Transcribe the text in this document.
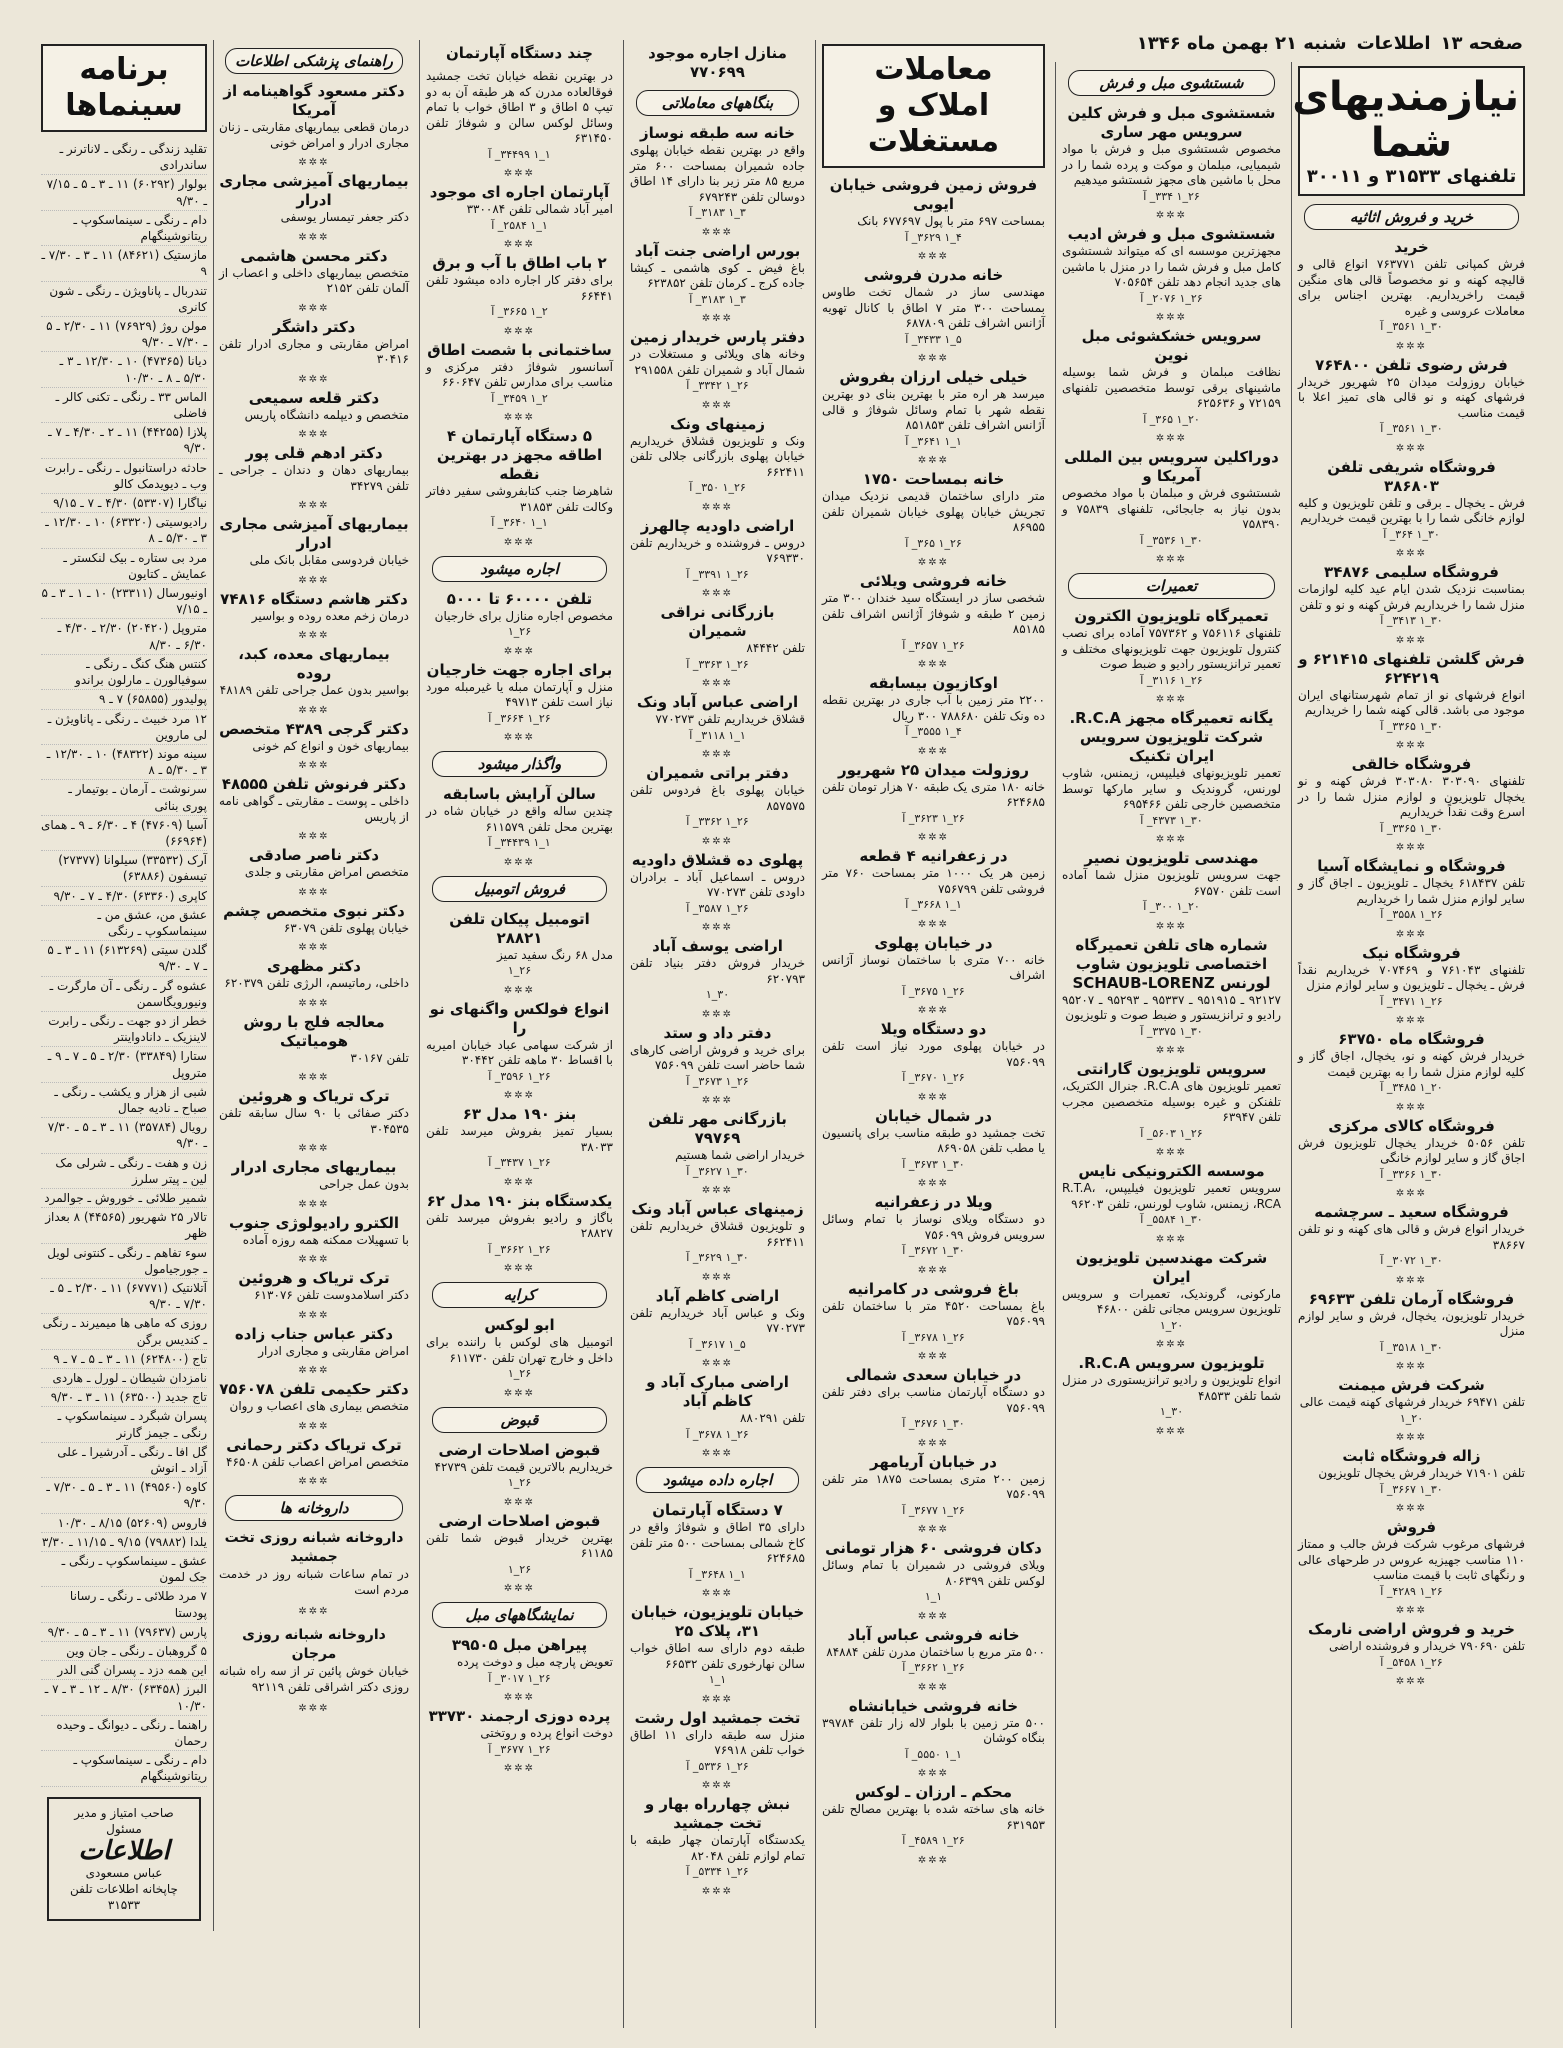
صفحه ۱۳
اطلاعات
شنبه ۲۱ بهمن ماه ۱۳۴۶
نیازمندیهای شما
تلفنهای ۳۱۵۳۳ و ۳۰۰۱۱
خرید و فروش اثاثیه
خرید
فرش کمپانی تلفن ۷۶۳۷۷۱ انواع قالی و قالیچه کهنه و نو مخصوصاً قالی های منگین قیمت راخریداریم. بهترین اجناس برای معاملات عروسی و غیره
۳۰_۱ ۳۵۶۱_ آ
✲✲✲
فرش رضوی تلفن ۷۶۴۸۰۰
خیابان روزولت میدان ۲۵ شهریور خریدار فرشهای کهنه و نو قالی های تمیز اعلا با قیمت مناسب
۳۰_۱ ۳۵۶۱_ آ
✲✲✲
فروشگاه شریفی تلفن ۳۸۶۸۰۳
فرش ـ یخچال ـ برقی و تلفن تلویزیون و کلیه لوازم خانگی شما را با بهترین قیمت خریداریم
۳۰_۱ ۳۶۴_ آ
✲✲✲
فروشگاه سلیمی ۳۴۸۷۶
بمناسبت نزدیک شدن ایام عید کلیه لوازمات منزل شما را خریداریم فرش کهنه و نو و تلفن
۳۰_۱ ۳۴۱۳_ آ
✲✲✲
فرش گلشن تلفنهای ۶۲۱۴۱۵ و ۶۲۴۲۱۹
انواع فرشهای نو از تمام شهرستانهای ایران موجود می باشد. قالی کهنه شما را خریداریم
۳۰_۱ ۳۳۶۵_ آ
✲✲✲
فروشگاه خالقی
تلفنهای ۳۰۳۰۹۰ ۳۰۳۰۸۰ فرش کهنه و نو یخچال تلویزیون و لوازم منزل شما را در اسرع وقت نقداً خریداریم
۳۰_۱ ۳۳۶۵_ آ
✲✲✲
فروشگاه و نمایشگاه آسیا
تلفن ۶۱۸۴۳۷ یخچال ـ تلویزیون ـ اجاق گاز و سایر لوازم منزل شما را خریداریم
۲۶_۱ ۳۵۵۸_ آ
✲✲✲
فروشگاه نیک
تلفنهای ۷۶۱۰۴۳ و ۷۰۷۴۶۹ خریداریم نقداً فرش ـ یخچال ـ تلویزیون و سایر لوازم منزل
۲۶_۱ ۳۴۷۱_ آ
✲✲✲
فروشگاه ماه ۶۳۷۵۰
خریدار فرش کهنه و نو، یخچال، اجاق گاز و کلیه لوازم منزل شما را به بهترین قیمت
۲۰_۱ ۳۴۸۵_ آ
✲✲✲
فروشگاه کالای مرکزی
تلفن ۵۰۵۶ خریدار یخچال تلویزیون فرش اجاق گاز و سایر لوازم خانگی
۳۰_۱ ۳۳۶۶_ آ
✲✲✲
فروشگاه سعید ـ سرچشمه
خریدار انواع فرش و قالی های کهنه و نو تلفن ۳۸۶۶۷
۳۰_۱ ۳۰۷۲_ آ
✲✲✲
فروشگاه آرمان تلفن ۶۹۶۳۳
خریدار تلویزیون، یخچال، فرش و سایر لوازم منزل
۳۰_۱ ۳۵۱۸_ آ
✲✲✲
شرکت فرش میمنت
تلفن ۶۹۴۷۱ خریدار فرشهای کهنه قیمت عالی
۲۰_۱
✲✲✲
زاله فروشگاه ثابت
تلفن ۷۱۹۰۱ خریدار فرش یخچال تلویزیون
۳۰_۱ ۳۶۶۷_ آ
✲✲✲
فروش
فرشهای مرغوب شرکت فرش جالب و ممتاز ۱۱۰ مناسب جهیزیه عروس در طرحهای عالی و رنگهای ثابت با قیمت مناسب
۲۶_۱ ۴۲۸۹_ آ
✲✲✲
خرید و فروش اراضی نارمک
تلفن ۷۹۰۶۹۰ خریدار و فروشنده اراضی
۲۶_۱ ۵۴۵۸_ آ
✲✲✲
شستشوی مبل و فرش
شستشوی مبل و فرش کلین سرویس مهر ساری
مخصوص شستشوی مبل و فرش با مواد شیمیایی، مبلمان و موکت و پرده شما را در محل با ماشین های مجهز شستشو میدهیم
۲۶_۱ ۳۳۴_ آ
✲✲✲
شستشوی مبل و فرش ادیب
مجهزترین موسسه ای که میتواند شستشوی کامل مبل و فرش شما را در منزل با ماشین های جدید انجام دهد تلفن ۷۰۵۶۵۴
۲۶_۱ ۲۰۷۶_ آ
✲✲✲
سرویس خشکشوئی مبل نوین
نظافت مبلمان و فرش شما بوسیله ماشینهای برقی توسط متخصصین تلفنهای ۷۲۱۵۹ و ۶۲۵۶۳۶
۲۰_۱ ۳۶۵_ آ
✲✲✲
دوراکلین سرویس بین المللی آمریکا و
شستشوی فرش و مبلمان با مواد مخصوص بدون نیاز به جابجائی، تلفنهای ۷۵۸۳۹ و ۷۵۸۳۹۰
۳۰_۱ ۳۵۳۶_ آ
✲✲✲
تعمیرات
تعمیرگاه تلویزیون الکترون
تلفنهای ۷۵۶۱۱۶ و ۷۵۷۳۶۲ آماده برای نصب کنترول تلویزیون جهت تلویزیونهای مختلف و تعمیر ترانزیستور رادیو و ضبط صوت
۲۶_۱ ۳۱۱۶_ آ
✲✲✲
یگانه تعمیرگاه مجهز R.C.A. شرکت تلویزیون سرویس ایران تکنیک
تعمیر تلویزیونهای فیلیپس، زیمنس، شاوب لورنس، گروندیک و سایر مارکها توسط متخصصین خارجی تلفن ۶۹۵۴۶۶
۳۰_۱ ۴۳۷۳_ آ
✲✲✲
مهندسی تلویزیون نصیر
جهت سرویس تلویزیون منزل شما آماده است تلفن ۶۷۵۷۰
۲۰_۱ ۳۰۰_ آ
✲✲✲
شماره های تلفن تعمیرگاه اختصاصی تلویزیون شاوب لورنس SCHAUB-LORENZ
۹۲۱۲۷ ـ ۹۵۱۹۱۵ ـ ۹۵۳۳۷ ـ ۹۵۲۹۳ ـ ۹۵۲۰۷ رادیو و ترانزیستور و ضبط صوت و تلویزیون
۳۰_۱ ۳۳۷۵_ آ
✲✲✲
سرویس تلویزیون گارانتی
تعمیر تلویزیون های R.C.A. جنرال الکتریک، تلفنکن و غیره بوسیله متخصصین مجرب تلفن ۶۳۹۴۷
۲۶_۱ ۵۶۰۳_ آ
✲✲✲
موسسه الکترونیکی نایس
سرویس تعمیر تلویزیون فیلیپس، R.T.A، RCA، زیمنس، شاوب لورنس، تلفن ۹۶۲۰۳
۳۰_۱ ۵۵۸۴_ آ
✲✲✲
شرکت مهندسین تلویزیون ایران
مارکونی، گروندیک، تعمیرات و سرویس تلویزیون سرویس مجانی تلفن ۴۶۸۰۰
۲۰_۱
✲✲✲
تلویزیون سرویس R.C.A.
انواع تلویزیون و رادیو ترانزیستوری در منزل شما تلفن ۴۸۵۳۳
۳۰_۱
✲✲✲
معاملات املاک و مستغلات
فروش زمین فروشی خیابان ایوبی
بمساحت ۶۹۷ متر با پول ۶۷۷۶۹۷ بانک
۴_۱ ۳۶۲۹_ آ
✲✲✲
خانه مدرن فروشی
مهندسی ساز در شمال تخت طاوس بمساحت ۳۰۰ متر ۷ اطاق با کانال تهویه آژانس اشراف تلفن ۶۸۷۸۰۹
۵_۱ ۳۴۳۳_ آ
✲✲✲
خیلی خیلی ارزان بفروش
میرسد هر اره متر با بهترین بنای دو بهترین نقطه شهر با تمام وسائل شوفاژ و قالی آژانس اشراف تلفن ۸۵۱۸۵۳
۱_۱ ۳۶۴۱_ آ
✲✲✲
خانه بمساحت ۱۷۵۰
متر دارای ساختمان قدیمی نزدیک میدان تجریش خیابان پهلوی خیابان شمیران تلفن ۸۶۹۵۵
۲۶_۱ ۳۶۵_ آ
✲✲✲
خانه فروشی ویلائی
شخصی ساز در ایستگاه سید خندان ۳۰۰ متر زمین ۲ طبقه و شوفاژ آژانس اشراف تلفن ۸۵۱۸۵
۲۶_۱ ۳۶۵۷_ آ
✲✲✲
اوکازیون بیسابقه
۲۲۰۰ متر زمین با آب جاری در بهترین نقطه ده ونک تلفن ۷۸۸۶۸۰ ۳۰۰ ریال
۴_۱ ۳۵۵۵_ آ
✲✲✲
روزولت میدان ۲۵ شهریور
خانه ۱۸۰ متری یک طبقه ۷۰ هزار تومان تلفن ۶۲۴۶۸۵
۲۶_۱ ۳۶۲۳_ آ
✲✲✲
در زعفرانیه ۴ قطعه
زمین هر یک ۱۰۰۰ متر بمساحت ۷۶۰ متر فروشی تلفن ۷۵۶۷۹۹
۱_۱ ۳۶۶۸_ آ
✲✲✲
در خیابان پهلوی
خانه ۷۰۰ متری با ساختمان نوساز آژانس اشراف
۲۶_۱ ۳۶۷۵_ آ
✲✲✲
دو دستگاه ویلا
در خیابان پهلوی مورد نیاز است تلفن ۷۵۶۰۹۹
۲۶_۱ ۳۶۷۰_ آ
✲✲✲
در شمال خیابان
تخت جمشید دو طبقه مناسب برای پانسیون یا مطب تلفن ۸۶۹۰۵۸
۳۰_۱ ۳۶۷۳_ آ
✲✲✲
ویلا در زعفرانیه
دو دستگاه ویلای نوساز با تمام وسائل سرویس فروش ۷۵۶۰۹۹
۳۰_۱ ۳۶۷۲_ آ
✲✲✲
باغ فروشی در کامرانیه
باغ بمساحت ۴۵۲۰ متر با ساختمان تلفن ۷۵۶۰۹۹
۲۶_۱ ۳۶۷۸_ آ
✲✲✲
در خیابان سعدی شمالی
دو دستگاه آپارتمان مناسب برای دفتر تلفن ۷۵۶۰۹۹
۳۰_۱ ۳۶۷۶_ آ
✲✲✲
در خیابان آریامهر
زمین ۲۰۰ متری بمساحت ۱۸۷۵ متر تلفن ۷۵۶۰۹۹
۲۶_۱ ۳۶۷۷_ آ
✲✲✲
دکان فروشی ۶۰ هزار تومانی
ویلای فروشی در شمیران با تمام وسائل لوکس تلفن ۸۰۶۳۹۹
۱_۱
✲✲✲
خانه فروشی عباس آباد
۵۰۰ متر مربع با ساختمان مدرن تلفن ۸۴۸۸۴
۲۶_۱ ۳۶۶۲_ آ
✲✲✲
خانه فروشی خیابانشاه
۵۰۰ متر زمین با بلوار لاله زار تلفن ۳۹۷۸۴ بنگاه کوشان
۱_۱ ۵۵۵۰_ آ
✲✲✲
محکم ـ ارزان ـ لوکس
خانه های ساخته شده با بهترین مصالح تلفن ۶۳۱۹۵۳
۲۶_۱ ۴۵۸۹_ آ
✲✲✲
منازل اجاره موجود ۷۷۰۶۹۹
بنگاههای معاملاتی
خانه سه طبقه نوساز
واقع در بهترین نقطه خیابان پهلوی جاده شمیران بمساحت ۶۰۰ متر مربع ۸۵ متر زیر بنا دارای ۱۴ اطاق دوسالن تلفن ۶۷۹۲۴۳
۳_۱ ۳۱۸۳_ آ
✲✲✲
بورس اراضی جنت آباد
باغ فیض ـ کوی هاشمی ـ کیشا جاده کرج ـ کرمان تلفن ۶۲۳۸۵۲
۳_۱ ۳۱۸۳_ آ
✲✲✲
دفتر پارس خریدار زمین
وخانه های ویلائی و مستغلات در شمال آباد و شمیران تلفن ۲۹۱۵۵۸
۲۶_۱ ۳۳۴۲_ آ
✲✲✲
زمینهای ونک
ونک و تلویزیون قشلاق خریداریم خیابان پهلوی بازرگانی جلالی تلفن ۶۶۲۴۱۱
۲۶_۱ ۳۵۰_ آ
✲✲✲
اراضی داودیه چالهرز
دروس ـ فروشنده و خریداریم تلفن ۷۶۹۳۳۰
۲۶_۱ ۳۳۹۱_ آ
✲✲✲
بازرگانی نراقی شمیران
تلفن ۸۴۴۴۲
۲۶_۱ ۳۳۶۳_ آ
✲✲✲
اراضی عباس آباد ونک
قشلاق خریداریم تلفن ۷۷۰۲۷۳
۱_۱ ۳۱۱۸_ آ
✲✲✲
دفتر براتی شمیران
خیابان پهلوی باغ فردوس تلفن ۸۵۷۵۷۵
۲۶_۱ ۳۳۶۲_ آ
✲✲✲
پهلوی ده قشلاق داودیه
دروس ـ اسماعیل آباد ـ برادران داودی تلفن ۷۷۰۲۷۳
۲۶_۱ ۳۵۸۷_ آ
✲✲✲
اراضی یوسف آباد
خریدار فروش دفتر بنیاد تلفن ۶۲۰۷۹۳
۳۰_۱
✲✲✲
دفتر داد و ستد
برای خرید و فروش اراضی کارهای شما حاضر است تلفن ۷۵۶۰۹۹
۲۶_۱ ۳۶۷۳_ آ
✲✲✲
بازرگانی مهر تلفن ۷۹۷۶۹
خریدار اراضی شما هستیم
۳۰_۱ ۳۶۲۷_ آ
✲✲✲
زمینهای عباس آباد ونک
و تلویزیون قشلاق خریداریم تلفن ۶۶۲۴۱۱
۳۰_۱ ۳۶۲۹_ آ
✲✲✲
اراضی کاظم آباد
ونک و عباس آباد خریداریم تلفن ۷۷۰۲۷۳
۵_۱ ۳۶۱۷_ آ
✲✲✲
اراضی مبارک آباد و کاظم آباد
تلفن ۸۸۰۲۹۱
۲۶_۱ ۳۶۷۸_ آ
✲✲✲
اجاره داده میشود
۷ دستگاه آپارتمان
دارای ۳۵ اطاق و شوفاژ واقع در کاخ شمالی بمساحت ۵۰۰ متر تلفن ۶۲۴۶۸۵
۱_۱ ۳۶۴۸_ آ
✲✲✲
خیابان تلویزیون، خیابان ۳۱، پلاک ۲۵
طبقه دوم دارای سه اطاق خواب سالن نهارخوری تلفن ۶۶۵۳۲
۱_۱
✲✲✲
تخت جمشید اول رشت
منزل سه طبقه دارای ۱۱ اطاق خواب تلفن ۷۶۹۱۸
۲۶_۱ ۵۳۳۶_ آ
✲✲✲
نبش چهارراه بهار و تخت جمشید
یکدستگاه آپارتمان چهار طبقه با تمام لوازم تلفن ۸۲۰۴۸
۲۶_۱ ۵۳۳۴_ آ
✲✲✲
چند دستگاه آپارتمان
در بهترین نقطه خیابان تخت جمشید فوقالعاده مدرن که هر طبقه آن به دو تیپ ۵ اطاق و ۳ اطاق خواب با تمام وسائل لوکس سالن و شوفاژ تلفن ۶۳۱۴۵۰
۱_۱ ۳۴۴۹۹_ آ
✲✲✲
آپارتمان اجاره ای موجود
امیر آباد شمالی تلفن ۳۳۰۰۸۴
۱_۱ ۲۵۸۴_ آ
✲✲✲
۲ باب اطاق با آب و برق
برای دفتر کار اجاره داده میشود تلفن ۶۶۴۴۱
۲_۱ ۳۶۶۵_ آ
✲✲✲
ساختمانی با شصت اطاق
آسانسور شوفاژ دفتر مرکزی و مناسب برای مدارس تلفن ۶۶۰۶۴۷
۲_۱ ۳۴۵۹_ آ
✲✲✲
۵ دستگاه آپارتمان ۴ اطاقه مجهز در بهترین نقطه
شاهرضا جنب کتابفروشی سفیر دفاتر وکالت تلفن ۳۱۸۵۳
۱_۱ ۳۶۴۰_ آ
✲✲✲
اجاره میشود
تلفن ۶۰۰۰۰ تا ۵۰۰۰
مخصوص اجاره منازل برای خارجیان
۲۶_۱
✲✲✲
برای اجاره جهت خارجیان
منزل و آپارتمان مبله یا غیرمبله مورد نیاز است تلفن ۴۹۷۱۳
۲۶_۱ ۳۶۶۴_ آ
✲✲✲
واگذار میشود
سالن آرایش باسابقه
چندین ساله واقع در خیابان شاه در بهترین محل تلفن ۶۱۱۵۷۹
۱_۱ ۳۴۴۳۹_ آ
✲✲✲
فروش اتومبیل
اتومبیل پیکان تلفن ۲۸۸۲۱
مدل ۶۸ رنگ سفید تمیز
۲۶_۱
✲✲✲
انواع فولکس واگنهای نو را
از شرکت سهامی عباد خیابان امیریه با اقساط ۳۰ ماهه تلفن ۳۰۴۴۲
۲۶_۱ ۳۵۹۶_ آ
✲✲✲
بنز ۱۹۰ مدل ۶۳
بسیار تمیز بفروش میرسد تلفن ۳۸۰۳۳
۲۶_۱ ۳۴۳۷_ آ
✲✲✲
یکدستگاه بنز ۱۹۰ مدل ۶۲
باگاز و رادیو بفروش میرسد تلفن ۲۸۸۲۷
۲۶_۱ ۳۶۶۲_ آ
✲✲✲
کرایه
ابو لوکس
اتومبیل های لوکس با راننده برای داخل و خارج تهران تلفن ۶۱۱۷۳۰
۲۶_۱
✲✲✲
قبوض
قبوض اصلاحات ارضی
خریداریم بالاترین قیمت تلفن ۴۲۷۳۹
۲۶_۱
✲✲✲
قبوض اصلاحات ارضی
بهترین خریدار قبوض شما تلفن ۶۱۱۸۵
۲۶_۱
✲✲✲
نمایشگاههای مبل
پیراهن مبل ۳۹۵۰۵
تعویض پارچه مبل و دوخت پرده
۲۶_۱ ۳۰۱۷_ آ
✲✲✲
پرده دوزی ارجمند ۳۳۷۳۰
دوخت انواع پرده و روتختی
۲۶_۱ ۳۶۷۷_ آ
✲✲✲
راهنمای پزشکی اطلاعات
دکتر مسعود گواهینامه از آمریکا
درمان قطعی بیماریهای مقاربتی ـ زنان مجاری ادرار و امراض خونی
✲✲✲
بیماریهای آمیزشی مجاری ادرار
دکتر جعفر تیمسار یوسفی
✲✲✲
دکتر محسن هاشمی
متخصص بیماریهای داخلی و اعصاب از آلمان تلفن ۲۱۵۲
✲✲✲
دکتر داشگر
امراض مقاربتی و مجاری ادرار تلفن ۳۰۴۱۶
✲✲✲
دکتر قلعه سمیعی
متخصص و دیپلمه دانشگاه پاریس
✲✲✲
دکتر ادهم قلی پور
بیماریهای دهان و دندان ـ جراحی ـ تلفن ۳۴۲۷۹
✲✲✲
بیماریهای آمیزشی مجاری ادرار
خیابان فردوسی مقابل بانک ملی
✲✲✲
دکتر هاشم دستگاه ۷۴۸۱۶
درمان زخم معده روده و بواسیر
✲✲✲
بیماریهای معده، کبد، روده
بواسیر بدون عمل جراحی تلفن ۴۸۱۸۹
✲✲✲
دکتر گرجی ۴۳۸۹ متخصص
بیماریهای خون و انواع کم خونی
✲✲✲
دکتر فرنوش تلفن ۴۸۵۵۵
داخلی ـ پوست ـ مقاربتی ـ گواهی نامه از پاریس
✲✲✲
دکتر ناصر صادقی
متخصص امراض مقاربتی و جلدی
✲✲✲
دکتر نبوی متخصص چشم
خیابان پهلوی تلفن ۶۳۰۷۹
✲✲✲
دکتر مظهری
داخلی، رماتیسم، الرژی تلفن ۶۲۰۳۷۹
✲✲✲
معالجه فلج با روش هومیاتیک
تلفن ۳۰۱۶۷
✲✲✲
ترک تریاک و هروئین
دکتر صفائی با ۹۰ سال سابقه تلفن ۳۰۴۵۳۵
✲✲✲
بیماریهای مجاری ادرار
بدون عمل جراحی
✲✲✲
الکترو رادیولوژی جنوب
با تسهیلات ممکنه همه روزه آماده
✲✲✲
ترک تریاک و هروئین
دکتر اسلامدوست تلفن ۶۱۳۰۷۶
✲✲✲
دکتر عباس جناب زاده
امراض مقاربتی و مجاری ادرار
✲✲✲
دکتر حکیمی تلفن ۷۵۶۰۷۸
متخصص بیماری های اعصاب و روان
✲✲✲
ترک تریاک دکتر رحمانی
متخصص امراض اعصاب تلفن ۴۶۵۰۸
✲✲✲
داروخانه ها
داروخانه شبانه روزی تخت جمشید
در تمام ساعات شبانه روز در خدمت مردم است
✲✲✲
داروخانه شبانه روزی مرجان
خیابان خوش پائین تر از سه راه شبانه روزی دکتر اشراقی تلفن ۹۲۱۱۹
✲✲✲
برنامه سینماها
تقلید زندگی ـ رنگی ـ لاناترنر ـ ساندرادی
بولوار (۶۰۲۹۲) ۱۱ ـ ۳ ـ ۵ ـ ۷/۱۵ ـ ۹/۳۰
دام ـ رنگی ـ سینماسکوپ ـ ریتانوشینگهام
مازستیک (۸۴۶۲۱) ۱۱ ـ ۳ ـ ۷/۳۰ ـ ۹
تندربال ـ پاناویژن ـ رنگی ـ شون کانری
مولن روژ (۷۶۹۲۹) ۱۱ ـ ۲/۳۰ ـ ۵ ـ ۷/۳۰ ـ ۹/۳۰
دیانا (۴۷۳۶۵) ۱۰ ـ ۱۲/۳۰ ـ ۳ ـ ۵/۳۰ ـ ۸ ـ ۱۰/۳۰
الماس ۳۳ ـ رنگی ـ تکنی کالر ـ فاضلی
پلازا (۴۴۲۵۵) ۱۱ ـ ۲ ـ ۴/۳۰ ـ ۷ ـ ۹/۳۰
حادثه دراستانبول ـ رنگی ـ رابرت وب ـ دیویدمک کالو
نیاگارا (۵۳۳۰۷) ۴/۳۰ ـ ۷ ـ ۹/۱۵
رادیوسیتی (۶۳۳۲۰) ۱۰ ـ ۱۲/۳۰ ـ ۳ ـ ۵/۳۰ ـ ۸
مرد بی ستاره ـ بیک لنکستر ـ عمایش ـ کتایون
اونیورسال (۲۳۳۱۱) ۱۰ ـ ۱ ـ ۳ ـ ۵ ـ ۷/۱۵
متروپل (۲۰۴۲۰) ۲/۳۰ ـ ۴/۳۰ ـ ۶/۳۰ ـ ۸/۳۰
کنتس هنگ کنگ ـ رنگی ـ سوفیالورن ـ مارلون براندو
پولیدور (۶۵۸۵۵) ۷ ـ ۹
۱۲ مرد خبیث ـ رنگی ـ پاناویژن ـ لی ماروین
سینه موند (۴۸۳۲۲) ۱۰ ـ ۱۲/۳۰ ـ ۳ ـ ۵/۳۰ ـ ۸
سرنوشت ـ آرمان ـ بوتیمار ـ پوری بنائی
آسیا (۴۷۶۰۹) ۴ ـ ۶/۳۰ ـ ۹ ـ همای (۶۶۹۶۴)
آرک (۳۳۵۳۲) سیلوانا (۲۷۳۷۷) تیسفون (۶۳۸۸۶)
کاپری (۶۳۳۶۰) ۴/۳۰ ـ ۷ ـ ۹/۳۰
عشق من، عشق من ـ سینماسکوپ ـ رنگی
گلدن سیتی (۶۱۳۲۶۹) ۱۱ ـ ۳ ـ ۵ ـ ۷ ـ ۹/۳۰
عشوه گر ـ رنگی ـ آن مارگرت ـ ونیورویگاسمن
خطر از دو جهت ـ رنگی ـ رابرت لاینزیک ـ دانادواینتر
ستارا (۳۳۸۴۹) ۲/۳۰ ـ ۵ ـ ۷ ـ ۹ ـ متروپل
شبی از هزار و یکشب ـ رنگی ـ صباح ـ نادیه جمال
رویال (۳۵۷۸۴) ۱۱ ـ ۳ ـ ۵ ـ ۷/۳۰ ـ ۹/۳۰
زن و هفت ـ رنگی ـ شرلی مک لین ـ پیتر سلرز
شمیر طلائی ـ خوروش ـ جوالمرد
تالار ۲۵ شهریور (۴۴۵۶۵) ۸ بعداز ظهر
سوء تفاهم ـ رنگی ـ کنتونی لویل ـ جورجیامول
آتلانتیک (۶۷۷۷۱) ۱۱ ـ ۲/۳۰ ـ ۵ ـ ۷/۳۰ ـ ۹/۳۰
روزی که ماهی ها میمیرند ـ رنگی ـ کندیس برگن
تاج (۶۲۴۸۰۰) ۱۱ ـ ۳ ـ ۵ ـ ۷ ـ ۹
نامزدان شیطان ـ لورل ـ هاردی
تاج جدید (۶۳۵۰۰) ۱۱ ـ ۳ ـ ۹/۳۰
پسران شبگرد ـ سینماسکوپ ـ رنگی ـ جیمز گارنر
گل افا ـ رنگی ـ آدرشیرا ـ علی آزاد ـ انوش
کاوه (۴۹۵۶۰) ۱۱ ـ ۳ ـ ۵ ـ ۷/۳۰ ـ ۹/۳۰
فاروس (۵۲۶۰۹) ۸/۱۵ ـ ۱۰/۳۰
یلدا (۷۹۸۸۲) ۹/۱۵ ـ ۱۱/۱۵ ـ ۳/۳۰
عشق ـ سینماسکوپ ـ رنگی ـ جک لمون
۷ مرد طلائی ـ رنگی ـ رسانا پودستا
پارس (۷۹۶۳۷) ۱۱ ـ ۳ ـ ۵ ـ ۹/۳۰
۵ گروهبان ـ رنگی ـ جان وین
این همه دزد ـ پسران گنی الدر
البرز (۶۳۴۵۸) ۸/۳۰ ـ ۱۲ ـ ۳ ـ ۷ ـ ۱۰/۳۰
راهنما ـ رنگی ـ دیوانگ ـ وحیده رحمان
دام ـ رنگی ـ سینماسکوپ ـ ریتانوشینگهام
صاحب امتیاز و مدیر مسئول
اطلاعات
عباس مسعودی
چاپخانه اطلاعات تلفن ۳۱۵۳۳
